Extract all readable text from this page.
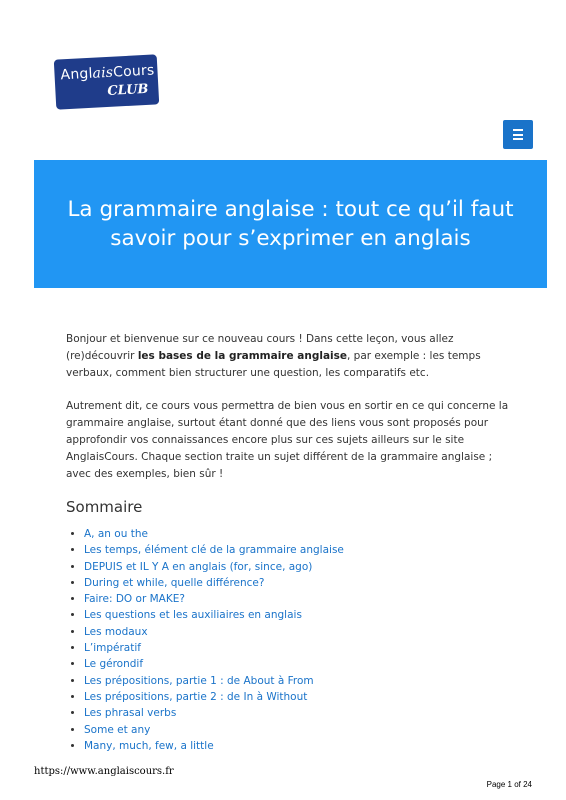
AnglaisCours
CLUB
La grammaire anglaise : tout ce qu’il faut savoir pour s’exprimer en anglais

Bonjour et bienvenue sur ce nouveau cours ! Dans cette leçon, vous allez (re)découvrir les bases de la grammaire anglaise, par exemple : les temps verbaux, comment bien structurer une question, les comparatifs etc.

Autrement dit, ce cours vous permettra de bien vous en sortir en ce qui concerne la grammaire anglaise, surtout étant donné que des liens vous sont proposés pour approfondir vos connaissances encore plus sur ces sujets ailleurs sur le site AnglaisCours. Chaque section traite un sujet différent de la grammaire anglaise ; avec des exemples, bien sûr !

Sommaire
• A, an ou the
• Les temps, élément clé de la grammaire anglaise
• DEPUIS et IL Y A en anglais (for, since, ago)
• During et while, quelle différence?
• Faire: DO or MAKE?
• Les questions et les auxiliaires en anglais
• Les modaux
• L’impératif
• Le gérondif
• Les prépositions, partie 1 : de About à From
• Les prépositions, partie 2 : de In à Without
• Les phrasal verbs
• Some et any
• Many, much, few, a little
https://www.anglaiscours.fr
Page 1 of 24
